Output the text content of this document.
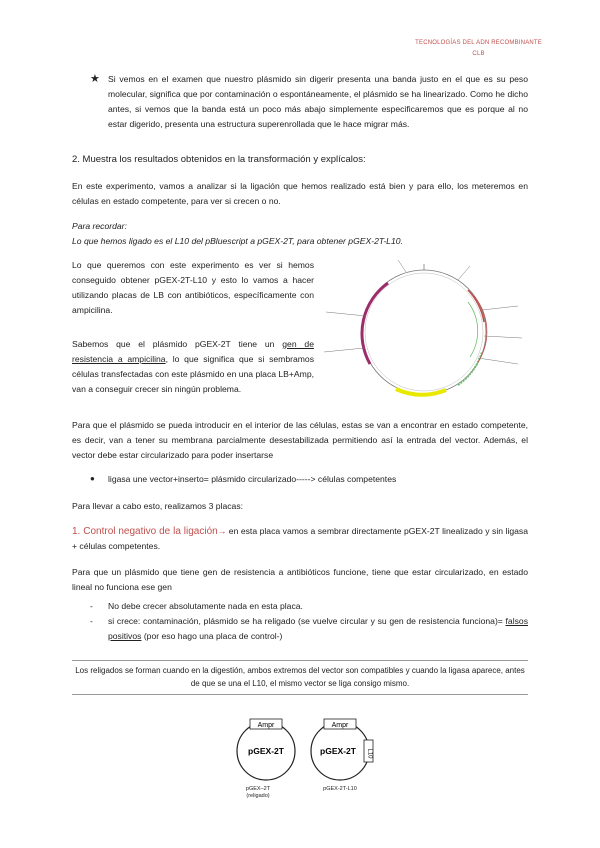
TECNOLOGÍAS DEL ADN RECOMBINANTE
CLB
★ Si vemos en el examen que nuestro plásmido sin digerir presenta una banda justo en el que es su peso molecular, significa que por contaminación o espontáneamente, el plásmido se ha linearizado. Como he dicho antes, si vemos que la banda está un poco más abajo simplemente especificaremos que es porque al no estar digerido, presenta una estructura superenrollada que le hace migrar más.
2. Muestra los resultados obtenidos en la transformación y explícalos:
En este experimento, vamos a analizar si la ligación que hemos realizado está bien y para ello, los meteremos en células en estado competente, para ver si crecen o no.
Para recordar:
Lo que hemos ligado es el L10 del pBluescript a pGEX-2T, para obtener pGEX-2T-L10.
Lo que queremos con este experimento es ver si hemos conseguido obtener pGEX-2T-L10 y esto lo vamos a hacer utilizando placas de LB con antibióticos, específicamente con ampicilina.
Sabemos que el plásmido pGEX-2T tiene un gen de resistencia a ampicilina, lo que significa que si sembramos células transfectadas con este plásmido en una placa LB+Amp, van a conseguir crecer sin ningún problema.
Para que el plásmido se pueda introducir en el interior de las células, estas se van a encontrar en estado competente, es decir, van a tener su membrana parcialmente desestabilizada permitiendo así la entrada del vector. Además, el vector debe estar circularizado para poder insertarse
● ligasa une vector+inserto= plásmido circularizado-----> células competentes
Para llevar a cabo esto, realizamos 3 placas:
1. Control negativo de la ligación→ en esta placa vamos a sembrar directamente pGEX-2T linealizado y sin ligasa + células competentes.
Para que un plásmido que tiene gen de resistencia a antibióticos funcione, tiene que estar circularizado, en estado lineal no funciona ese gen
- No debe crecer absolutamente nada en esta placa.
- si crece: contaminación, plásmido se ha religado (se vuelve circular y su gen de resistencia funciona)= falsos positivos (por eso hago una placa de control-)
Los religados se forman cuando en la digestión, ambos extremos del vector son compatibles y cuando la ligasa aparece, antes de que se una el L10, el mismo vector se liga consigo mismo.
Ampr
pGEX-2T
Ampr
L10
pGEX-2T
pGEX–2T
(religado)
pGEX-2T-L10
